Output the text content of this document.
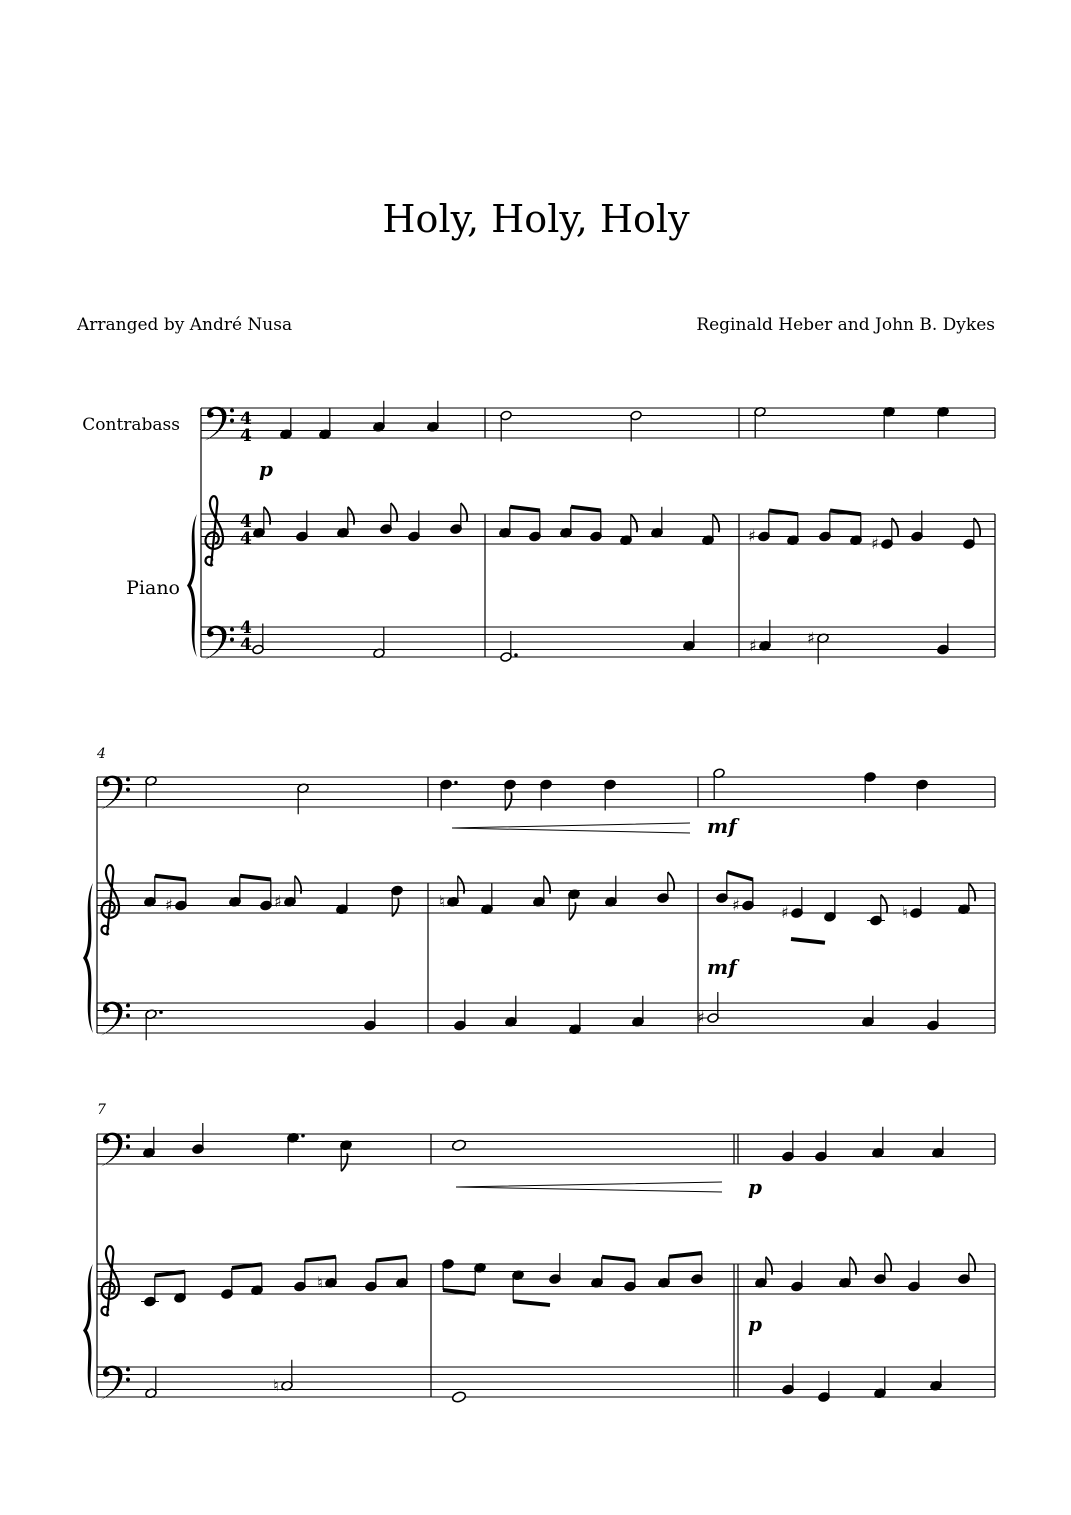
Holy, Holy, Holy
Arranged by André Nusa	Reginald Heber and John B. Dykes
Contrabass
Piano
4
7
4
4
4
4
4
4
p
mf
mf
p
p
♯	♯
♯	♯
♯	♯	♮	♯	♯	♮
♯
♮
♮
